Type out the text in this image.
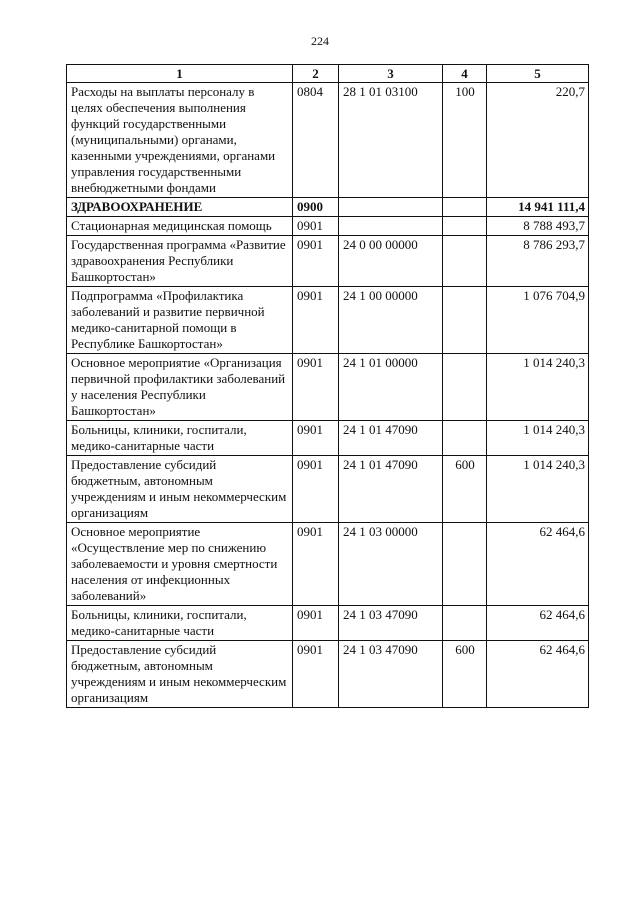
224
1	2	3	4	5
Расходы на выплаты персоналу в целях обеспечения выполнения функций государственными (муниципальными) органами, казенными учреждениями, органами управления государственными внебюджетными фондами	0804	28 1 01 03100	100	220,7
ЗДРАВООХРАНЕНИЕ	0900			14 941 111,4
Стационарная медицинская помощь	0901			8 788 493,7
Государственная программа «Развитие здравоохранения Республики Башкортостан»	0901	24 0 00 00000		8 786 293,7
Подпрограмма «Профилактика заболеваний и развитие первичной медико-санитарной помощи в Республике Башкортостан»	0901	24 1 00 00000		1 076 704,9
Основное мероприятие «Организация первичной профилактики заболеваний у населения Республики Башкортостан»	0901	24 1 01 00000		1 014 240,3
Больницы, клиники, госпитали, медико-санитарные части	0901	24 1 01 47090		1 014 240,3
Предоставление субсидий бюджетным, автономным учреждениям и иным некоммерческим организациям	0901	24 1 01 47090	600	1 014 240,3
Основное мероприятие «Осуществление мер по снижению заболеваемости и уровня смертности населения от инфекционных заболеваний»	0901	24 1 03 00000		62 464,6
Больницы, клиники, госпитали, медико-санитарные части	0901	24 1 03 47090		62 464,6
Предоставление субсидий бюджетным, автономным учреждениям и иным некоммерческим организациям	0901	24 1 03 47090	600	62 464,6
